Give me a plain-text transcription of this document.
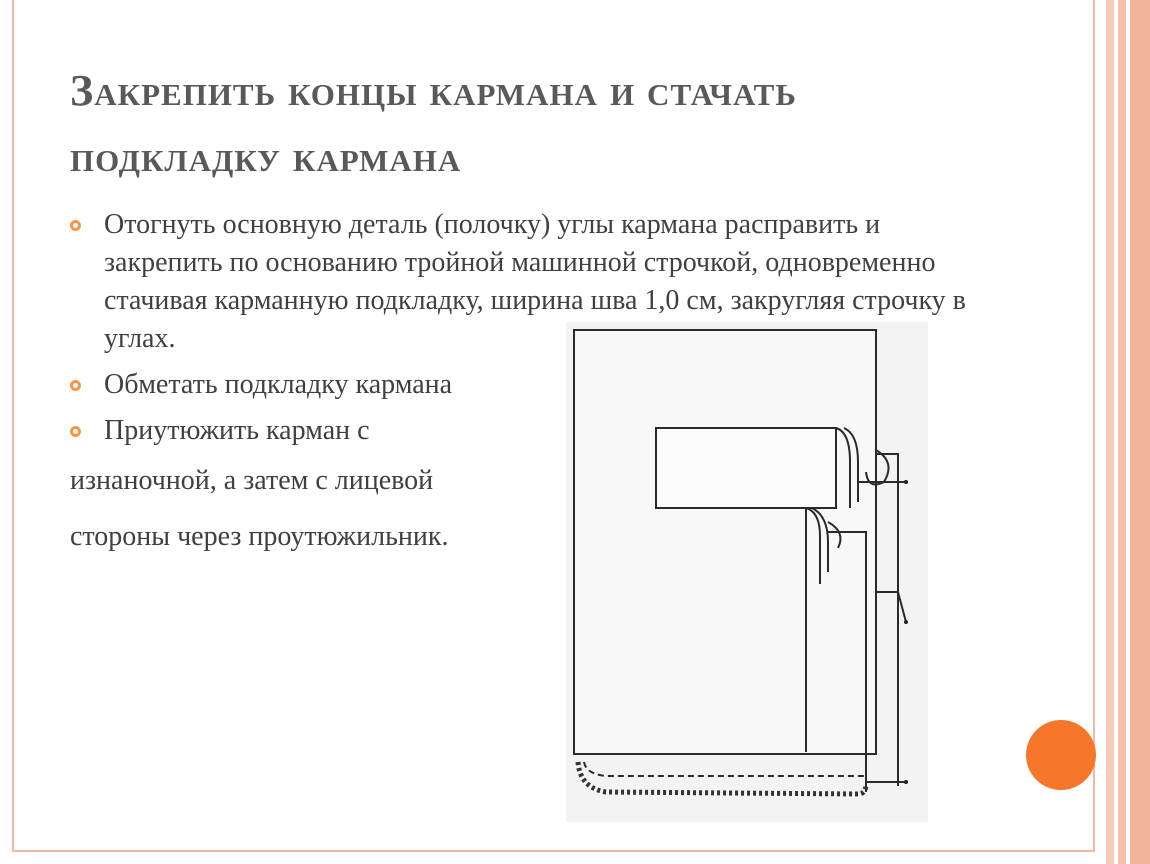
Закрепить концы кармана и стачать
подкладку кармана
Отогнуть основную деталь (полочку) углы кармана расправить и закрепить по основанию тройной машинной строчкой, одновременно стачивая карманную подкладку, ширина шва 1,0 см, закругляя строчку в углах.
Обметать подкладку кармана
Приутюжить карман с

изнаночной, а затем с лицевой

стороны через проутюжильник.
